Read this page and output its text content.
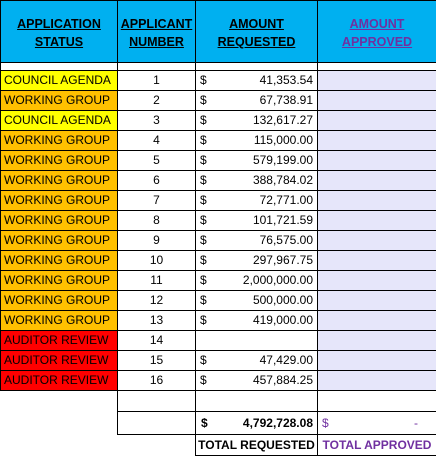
APPLICATION STATUS	APPLICANT NUMBER	AMOUNT REQUESTED		AMOUNT APPROVED

COUNCIL AGENDA	1	$	41,353.54	
WORKING GROUP	2	$	67,738.91	
COUNCIL AGENDA	3	$	132,617.27	
WORKING GROUP	4	$	115,000.00	
WORKING GROUP	5	$	579,199.00	
WORKING GROUP	6	$	388,784.02	
WORKING GROUP	7	$	72,771.00	
WORKING GROUP	8	$	101,721.59	
WORKING GROUP	9	$	76,575.00	
WORKING GROUP	10	$	297,967.75	
WORKING GROUP	11	$	2,000,000.00	
WORKING GROUP	12	$	500,000.00	
WORKING GROUP	13	$	419,000.00	
AUDITOR REVIEW	14			
AUDITOR REVIEW	15	$	47,429.00	
AUDITOR REVIEW	16	$	457,884.25	

		$	4,792,728.08	$ -

		TOTAL REQUESTED		TOTAL APPROVED
